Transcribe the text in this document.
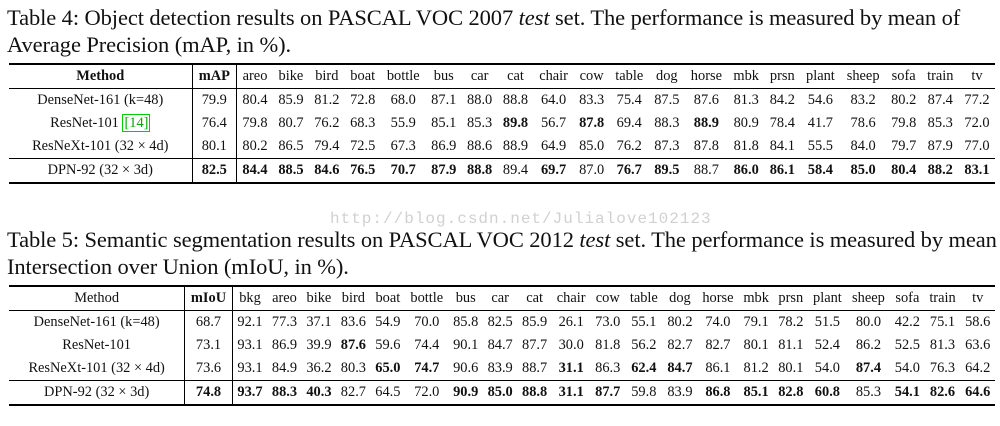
Table 4: Object detection results on PASCAL VOC 2007 test set. The performance is measured by mean of Average Precision (mAP, in %).
Method	mAP	areo	bike	bird	boat	bottle	bus	car	cat	chair	cow	table	dog	horse	mbk	prsn	plant	sheep	sofa	train	tv
DenseNet-161 (k=48)	79.9	80.4	85.9	81.2	72.8	68.0	87.1	88.0	88.8	64.0	83.3	75.4	87.5	87.6	81.3	84.2	54.6	83.2	80.2	87.4	77.2
ResNet-101 [14]	76.4	79.8	80.7	76.2	68.3	55.9	85.1	85.3	89.8	56.7	87.8	69.4	88.3	88.9	80.9	78.4	41.7	78.6	79.8	85.3	72.0
ResNeXt-101 (32 × 4d)	80.1	80.2	86.5	79.4	72.5	67.3	86.9	88.6	88.9	64.9	85.0	76.2	87.3	87.8	81.8	84.1	55.5	84.0	79.7	87.9	77.0
DPN-92 (32 × 3d)	82.5	84.4	88.5	84.6	76.5	70.7	87.9	88.8	89.4	69.7	87.0	76.7	89.5	88.7	86.0	86.1	58.4	85.0	80.4	88.2	83.1
http://blog.csdn.net/Julialove102123
Table 5: Semantic segmentation results on PASCAL VOC 2012 test set. The performance is measured by mean Intersection over Union (mIoU, in %).
Method	mIoU	bkg	areo	bike	bird	boat	bottle	bus	car	cat	chair	cow	table	dog	horse	mbk	prsn	plant	sheep	sofa	train	tv
DenseNet-161 (k=48)	68.7	92.1	77.3	37.1	83.6	54.9	70.0	85.8	82.5	85.9	26.1	73.0	55.1	80.2	74.0	79.1	78.2	51.5	80.0	42.2	75.1	58.6
ResNet-101	73.1	93.1	86.9	39.9	87.6	59.6	74.4	90.1	84.7	87.7	30.0	81.8	56.2	82.7	82.7	80.1	81.1	52.4	86.2	52.5	81.3	63.6
ResNeXt-101 (32 × 4d)	73.6	93.1	84.9	36.2	80.3	65.0	74.7	90.6	83.9	88.7	31.1	86.3	62.4	84.7	86.1	81.2	80.1	54.0	87.4	54.0	76.3	64.2
DPN-92 (32 × 3d)	74.8	93.7	88.3	40.3	82.7	64.5	72.0	90.9	85.0	88.8	31.1	87.7	59.8	83.9	86.8	85.1	82.8	60.8	85.3	54.1	82.6	64.6
